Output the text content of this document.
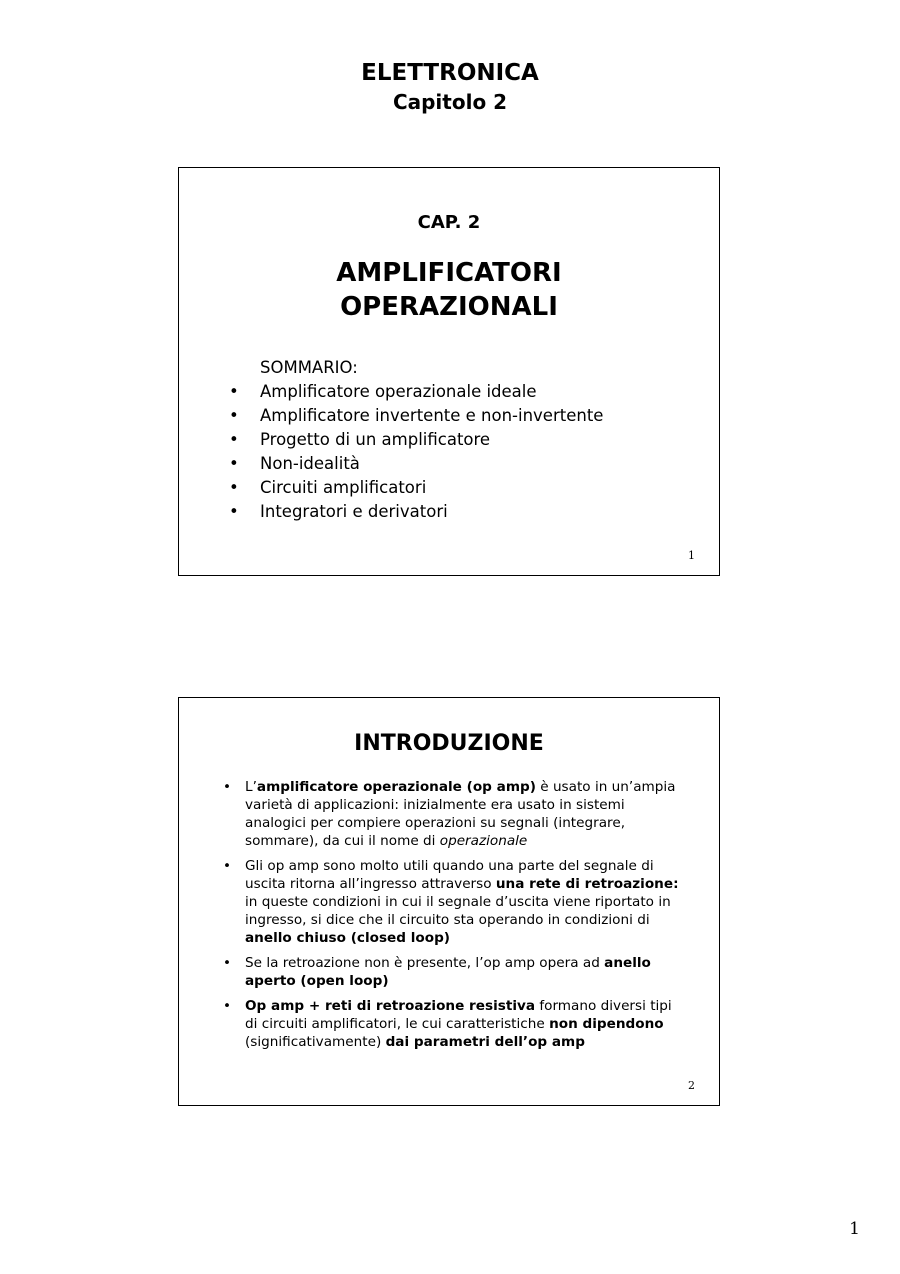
ELETTRONICA
Capitolo 2
CAP. 2
AMPLIFICATORI
OPERAZIONALI
SOMMARIO:
• Amplificatore operazionale ideale
• Amplificatore invertente e non-invertente
• Progetto di un amplificatore
• Non-idealità
• Circuiti amplificatori
• Integratori e derivatori
1
INTRODUZIONE
• L’amplificatore operazionale (op amp) è usato in un’ampia varietà di applicazioni: inizialmente era usato in sistemi analogici per compiere operazioni su segnali (integrare, sommare), da cui il nome di operazionale
• Gli op amp sono molto utili quando una parte del segnale di uscita ritorna all’ingresso attraverso una rete di retroazione: in queste condizioni in cui il segnale d’uscita viene riportato in ingresso, si dice che il circuito sta operando in condizioni di anello chiuso (closed loop)
• Se la retroazione non è presente, l’op amp opera ad anello aperto (open loop)
• Op amp + reti di retroazione resistiva formano diversi tipi di circuiti amplificatori, le cui caratteristiche non dipendono (significativamente) dai parametri dell’op amp
2
1
